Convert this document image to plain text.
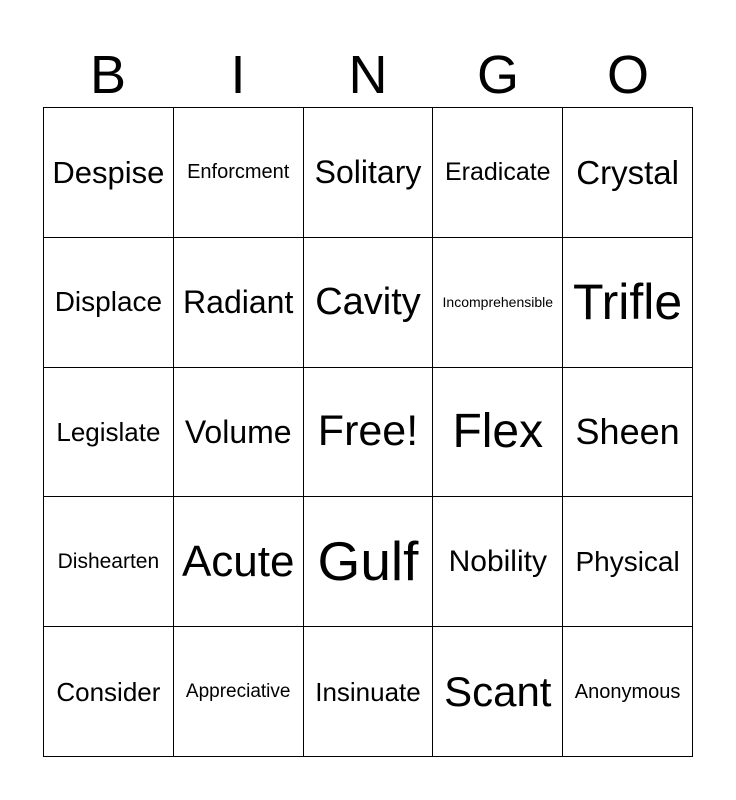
B	I	N	G	O
Despise Enforcment Solitary Eradicate Crystal
Displace Radiant Cavity Incomprehensible Trifle
Legislate Volume Free! Flex Sheen
Dishearten Acute Gulf Nobility Physical
Consider Appreciative Insinuate Scant Anonymous
